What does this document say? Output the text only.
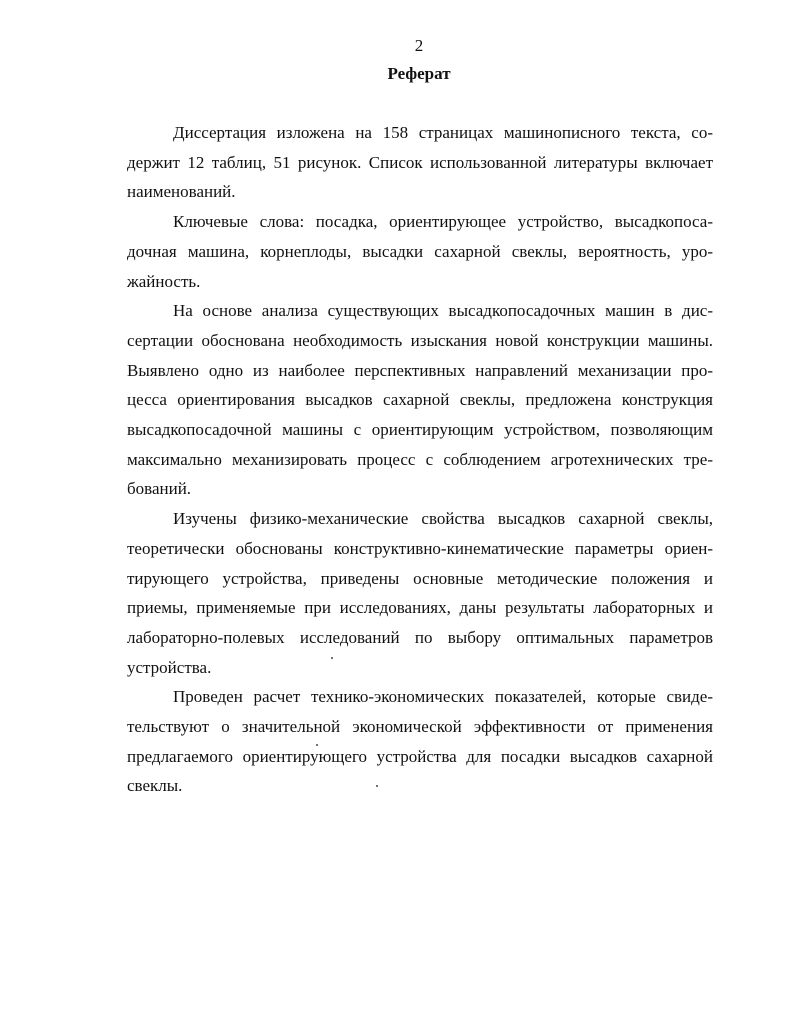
2
Реферат

Диссертация изложена на 158 страницах машинописного текста, со-
держит 12 таблиц, 51 рисунок. Список использованной литературы включает
наименований.

Ключевые слова: посадка, ориентирующее устройство, высадкопоса-
дочная машина, корнеплоды, высадки сахарной свеклы, вероятность, уро-
жайность.

На основе анализа существующих высадкопосадочных машин в дис-
сертации обоснована необходимость изыскания новой конструкции машины.
Выявлено одно из наиболее перспективных направлений механизации про-
цесса ориентирования высадков сахарной свеклы, предложена конструкция
высадкопосадочной машины с ориентирующим устройством, позволяющим
максимально механизировать процесс с соблюдением агротехнических тре-
бований.

Изучены физико-механические свойства высадков сахарной свеклы,
теоретически обоснованы конструктивно-кинематические параметры ориен-
тирующего устройства, приведены основные методические положения и
приемы, применяемые при исследованиях, даны результаты лабораторных и
лабораторно-полевых исследований по выбору оптимальных параметров
устройства.

Проведен расчет технико-экономических показателей, которые свиде-
тельствуют о значительной экономической эффективности от применения
предлагаемого ориентирующего устройства для посадки высадков сахарной
свеклы.
